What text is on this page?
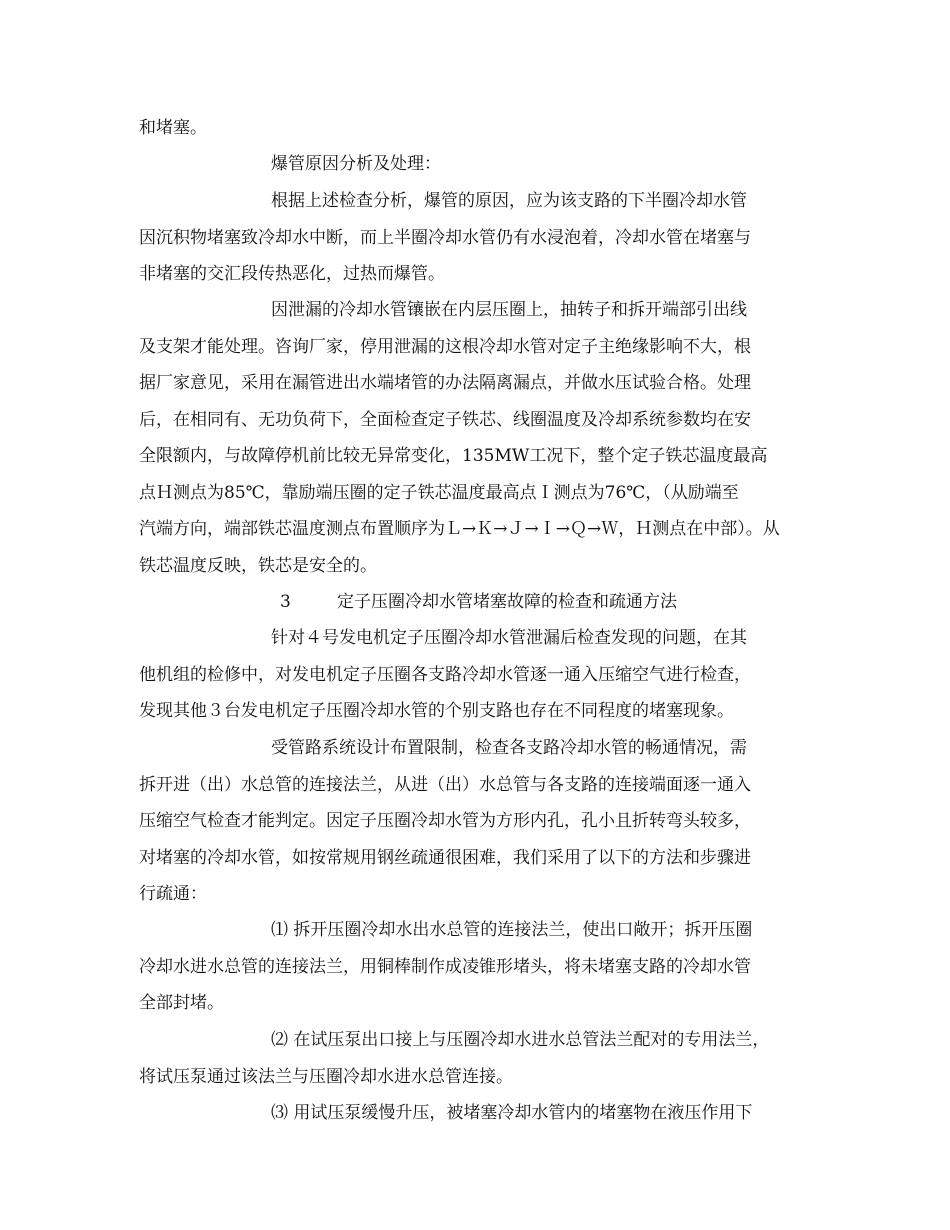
和堵塞。
爆管原因分析及处理：
根据上述检查分析，爆管的原因，应为该支路的下半圈冷却水管
因沉积物堵塞致冷却水中断，而上半圈冷却水管仍有水浸泡着，冷却水管在堵塞与
非堵塞的交汇段传热恶化，过热而爆管。
因泄漏的冷却水管镶嵌在内层压圈上，抽转子和拆开端部引出线
及支架才能处理。咨询厂家，停用泄漏的这根冷却水管对定子主绝缘影响不大，根
据厂家意见，采用在漏管进出水端堵管的办法隔离漏点，并做水压试验合格。处理
后，在相同有、无功负荷下，全面检查定子铁芯、线圈温度及冷却系统参数均在安
全限额内，与故障停机前比较无异常变化，135MW工况下，整个定子铁芯温度最高
点Ｈ测点为85℃，靠励端压圈的定子铁芯温度最高点Ｉ测点为76℃，（从励端至
汽端方向，端部铁芯温度测点布置顺序为Ｌ→Ｋ→Ｊ→Ｉ→Ｑ→Ｗ，Ｈ测点在中部）。从
铁芯温度反映，铁芯是安全的。
3	定子压圈冷却水管堵塞故障的检查和疏通方法
针对４号发电机定子压圈冷却水管泄漏后检查发现的问题，在其
他机组的检修中，对发电机定子压圈各支路冷却水管逐一通入压缩空气进行检查，
发现其他３台发电机定子压圈冷却水管的个别支路也存在不同程度的堵塞现象。
受管路系统设计布置限制，检查各支路冷却水管的畅通情况，需
拆开进（出）水总管的连接法兰，从进（出）水总管与各支路的连接端面逐一通入
压缩空气检查才能判定。因定子压圈冷却水管为方形内孔，孔小且折转弯头较多，
对堵塞的冷却水管，如按常规用钢丝疏通很困难，我们采用了以下的方法和步骤进
行疏通：
⑴ 拆开压圈冷却水出水总管的连接法兰，使出口敞开；拆开压圈
冷却水进水总管的连接法兰，用铜棒制作成凌锥形堵头，将未堵塞支路的冷却水管
全部封堵。
⑵ 在试压泵出口接上与压圈冷却水进水总管法兰配对的专用法兰，
将试压泵通过该法兰与压圈冷却水进水总管连接。
⑶ 用试压泵缓慢升压，被堵塞冷却水管内的堵塞物在液压作用下
